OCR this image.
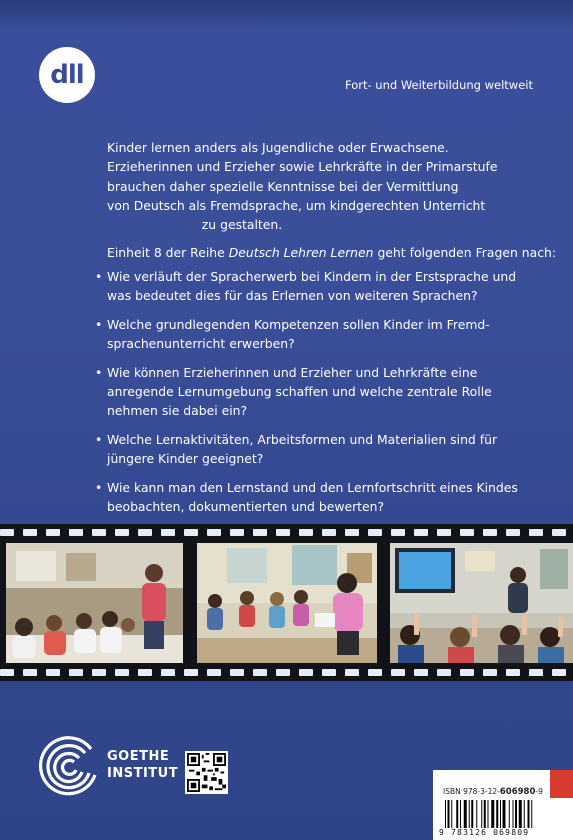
dll	Fort- und Weiterbildung weltweit
Kinder lernen anders als Jugendliche oder Erwachsene.
Erzieherinnen und Erzieher sowie Lehrkräfte in der Primarstufe
brauchen daher spezielle Kenntnisse bei der Vermittlung
von Deutsch als Fremdsprache, um kindgerechten Unterricht
zu gestalten.
Einheit 8 der Reihe Deutsch Lehren Lernen geht folgenden Fragen nach:
• Wie verläuft der Spracherwerb bei Kindern in der Erstsprache und
was bedeutet dies für das Erlernen von weiteren Sprachen?
• Welche grundlegenden Kompetenzen sollen Kinder im Fremd-
sprachenunterricht erwerben?
• Wie können Erzieherinnen und Erzieher und Lehrkräfte eine
anregende Lernumgebung schaffen und welche zentrale Rolle
nehmen sie dabei ein?
• Welche Lernaktivitäten, Arbeitsformen und Materialien sind für
jüngere Kinder geeignet?
• Wie kann man den Lernstand und den Lernfortschritt eines Kindes
beobachten, dokumentierten und bewerten?
GOETHE
INSTITUT
ISBN 978-3-12-606980-9
9 783126 069809
